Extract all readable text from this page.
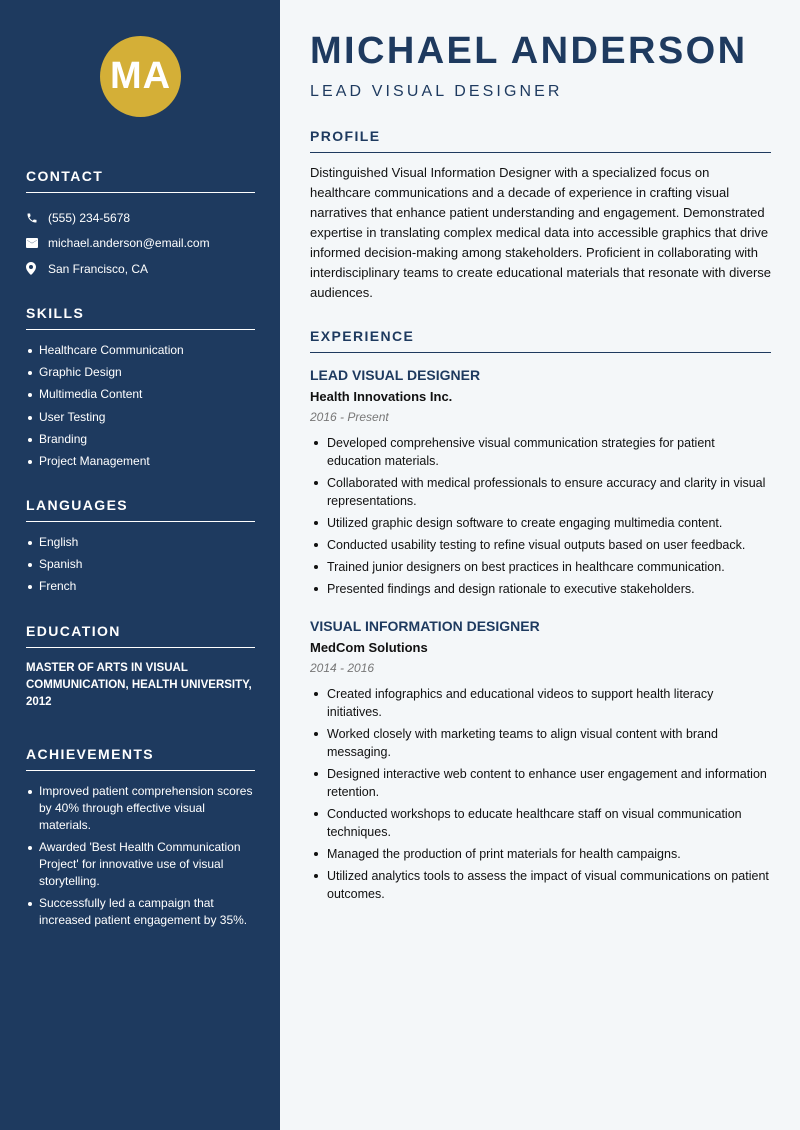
MA
CONTACT
(555) 234-5678
michael.anderson@email.com
San Francisco, CA
SKILLS
Healthcare Communication
Graphic Design
Multimedia Content
User Testing
Branding
Project Management
LANGUAGES
English
Spanish
French
EDUCATION
MASTER OF ARTS IN VISUAL COMMUNICATION, HEALTH UNIVERSITY, 2012
ACHIEVEMENTS
Improved patient comprehension scores by 40% through effective visual materials.
Awarded 'Best Health Communication Project' for innovative use of visual storytelling.
Successfully led a campaign that increased patient engagement by 35%.
MICHAEL ANDERSON
LEAD VISUAL DESIGNER
PROFILE
Distinguished Visual Information Designer with a specialized focus on healthcare communications and a decade of experience in crafting visual narratives that enhance patient understanding and engagement. Demonstrated expertise in translating complex medical data into accessible graphics that drive informed decision-making among stakeholders. Proficient in collaborating with interdisciplinary teams to create educational materials that resonate with diverse audiences.
EXPERIENCE
LEAD VISUAL DESIGNER
Health Innovations Inc.
2016 - Present
Developed comprehensive visual communication strategies for patient education materials.
Collaborated with medical professionals to ensure accuracy and clarity in visual representations.
Utilized graphic design software to create engaging multimedia content.
Conducted usability testing to refine visual outputs based on user feedback.
Trained junior designers on best practices in healthcare communication.
Presented findings and design rationale to executive stakeholders.
VISUAL INFORMATION DESIGNER
MedCom Solutions
2014 - 2016
Created infographics and educational videos to support health literacy initiatives.
Worked closely with marketing teams to align visual content with brand messaging.
Designed interactive web content to enhance user engagement and information retention.
Conducted workshops to educate healthcare staff on visual communication techniques.
Managed the production of print materials for health campaigns.
Utilized analytics tools to assess the impact of visual communications on patient outcomes.
